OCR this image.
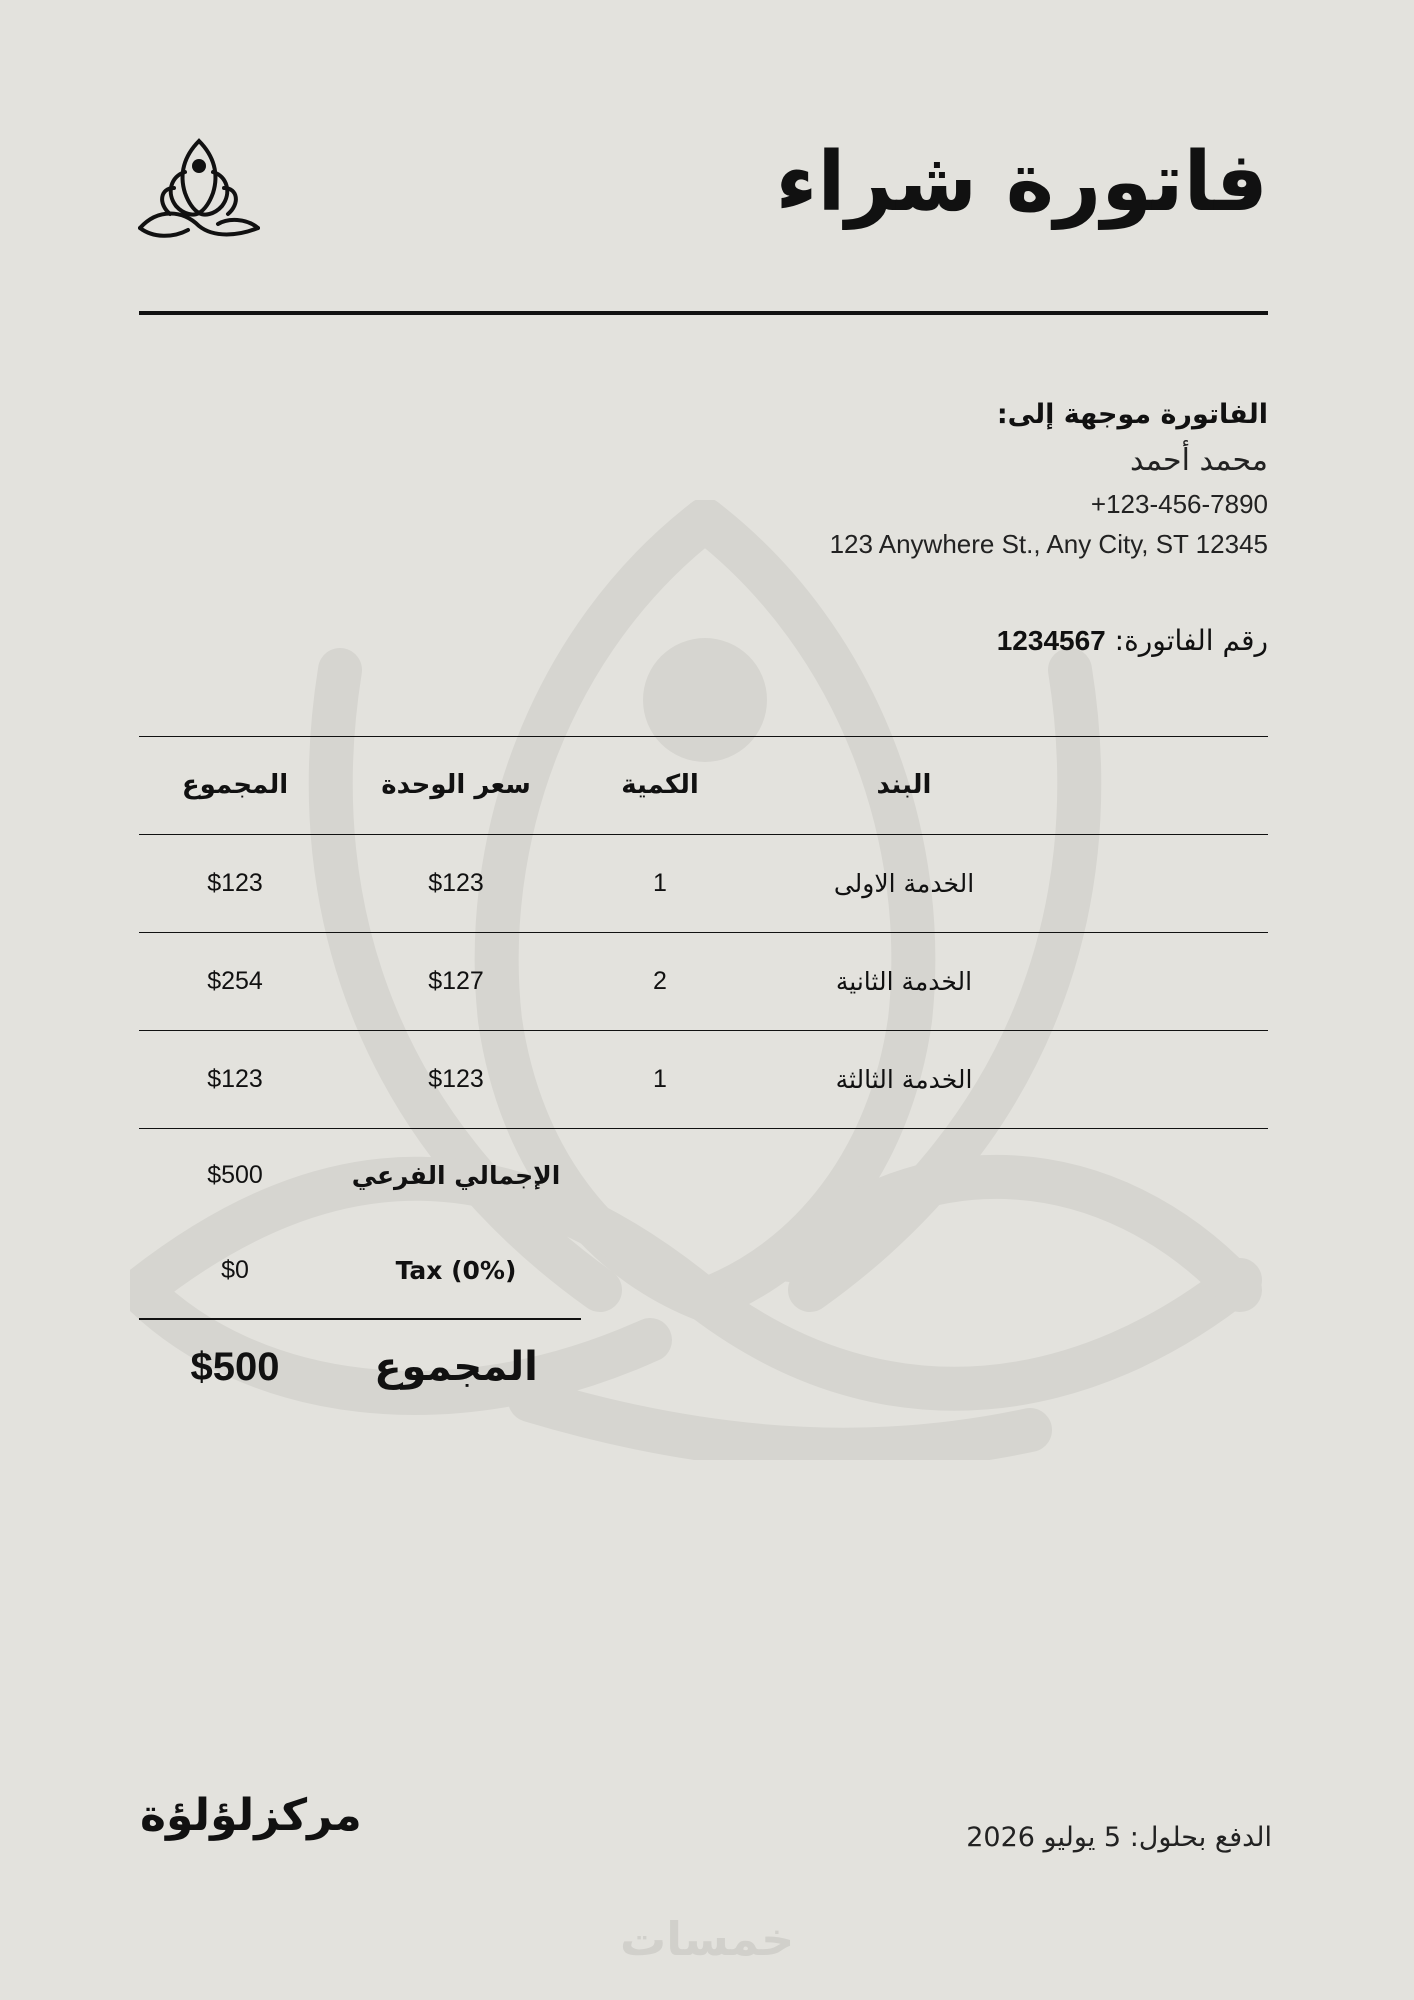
فاتورة شراء
الفاتورة موجهة إلى:
محمد أحمد
+123-456-7890
123 Anywhere St., Any City, ST 12345
رقم الفاتورة: 1234567
البند
الكمية
سعر الوحدة
المجموع
الخدمة الاولى
1
$123
$123
الخدمة الثانية
2
$127
$254
الخدمة الثالثة
1
$123
$123
الإجمالي الفرعي
$500
Tax (0%)
$0
المجموع
$500
مركزلؤلؤة	الدفع بحلول: 5 يوليو 2026
خمسات
